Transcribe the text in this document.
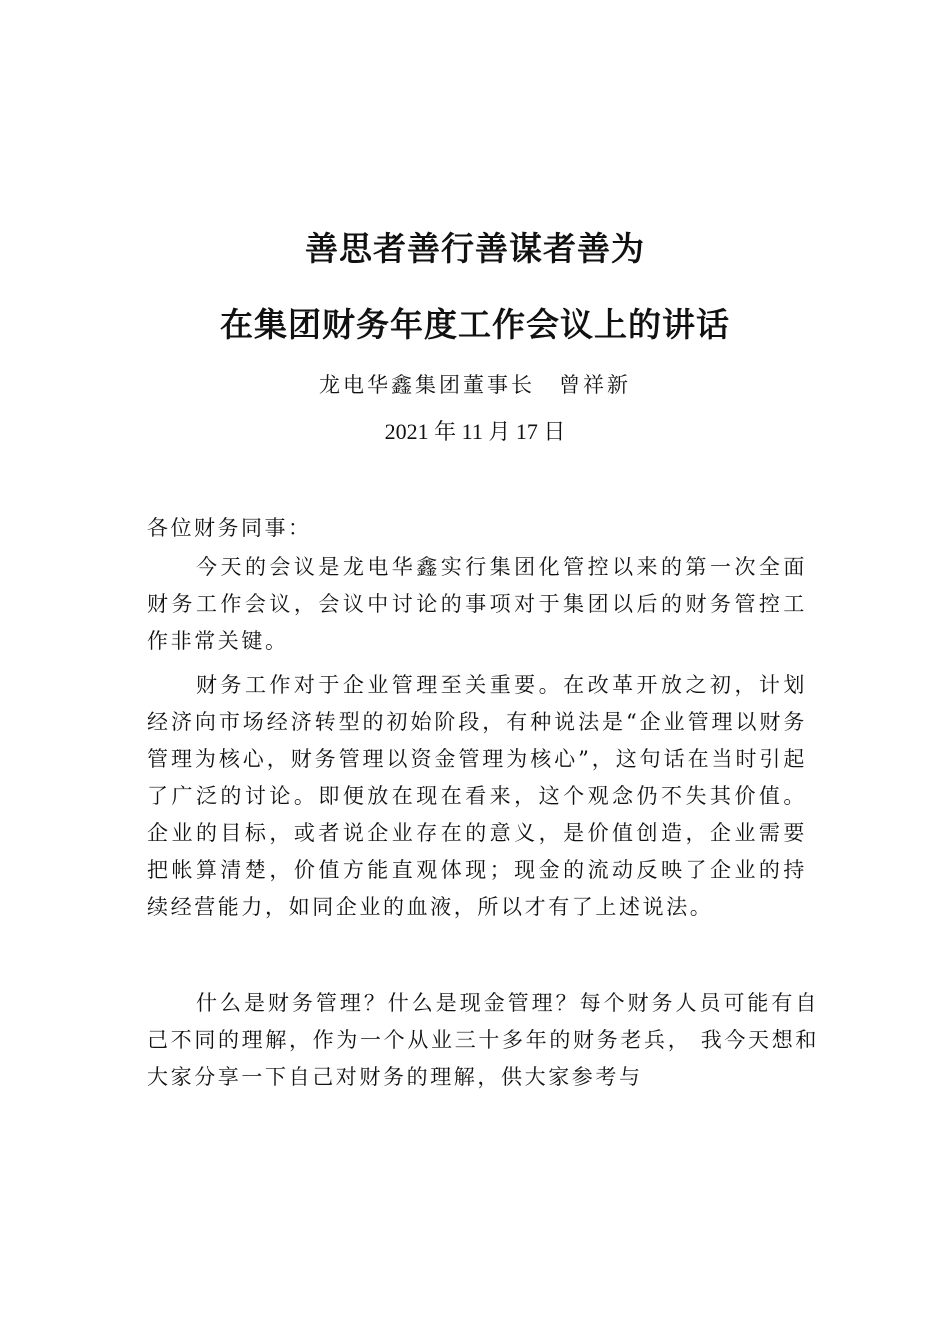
善思者善行善谋者善为
在集团财务年度工作会议上的讲话
龙电华鑫集团董事长　曾祥新
2021 年 11 月 17 日
各位财务同事：

今天的会议是龙电华鑫实行集团化管控以来的第一次全面财务工作会议，会议中讨论的事项对于集团以后的财务管控工作非常关键。

财务工作对于企业管理至关重要。在改革开放之初，计划经济向市场经济转型的初始阶段，有种说法是“企业管理以财务管理为核心，财务管理以资金管理为核心”，这句话在当时引起了广泛的讨论。即便放在现在看来，这个观念仍不失其价值。企业的目标，或者说企业存在的意义，是价值创造，企业需要把帐算清楚，价值方能直观体现；现金的流动反映了企业的持续经营能力，如同企业的血液，所以才有了上述说法。

什么是财务管理？什么是现金管理？每个财务人员可能有自己不同的理解，作为一个从业三十多年的财务老兵， 我今天想和大家分享一下自己对财务的理解，供大家参考与
